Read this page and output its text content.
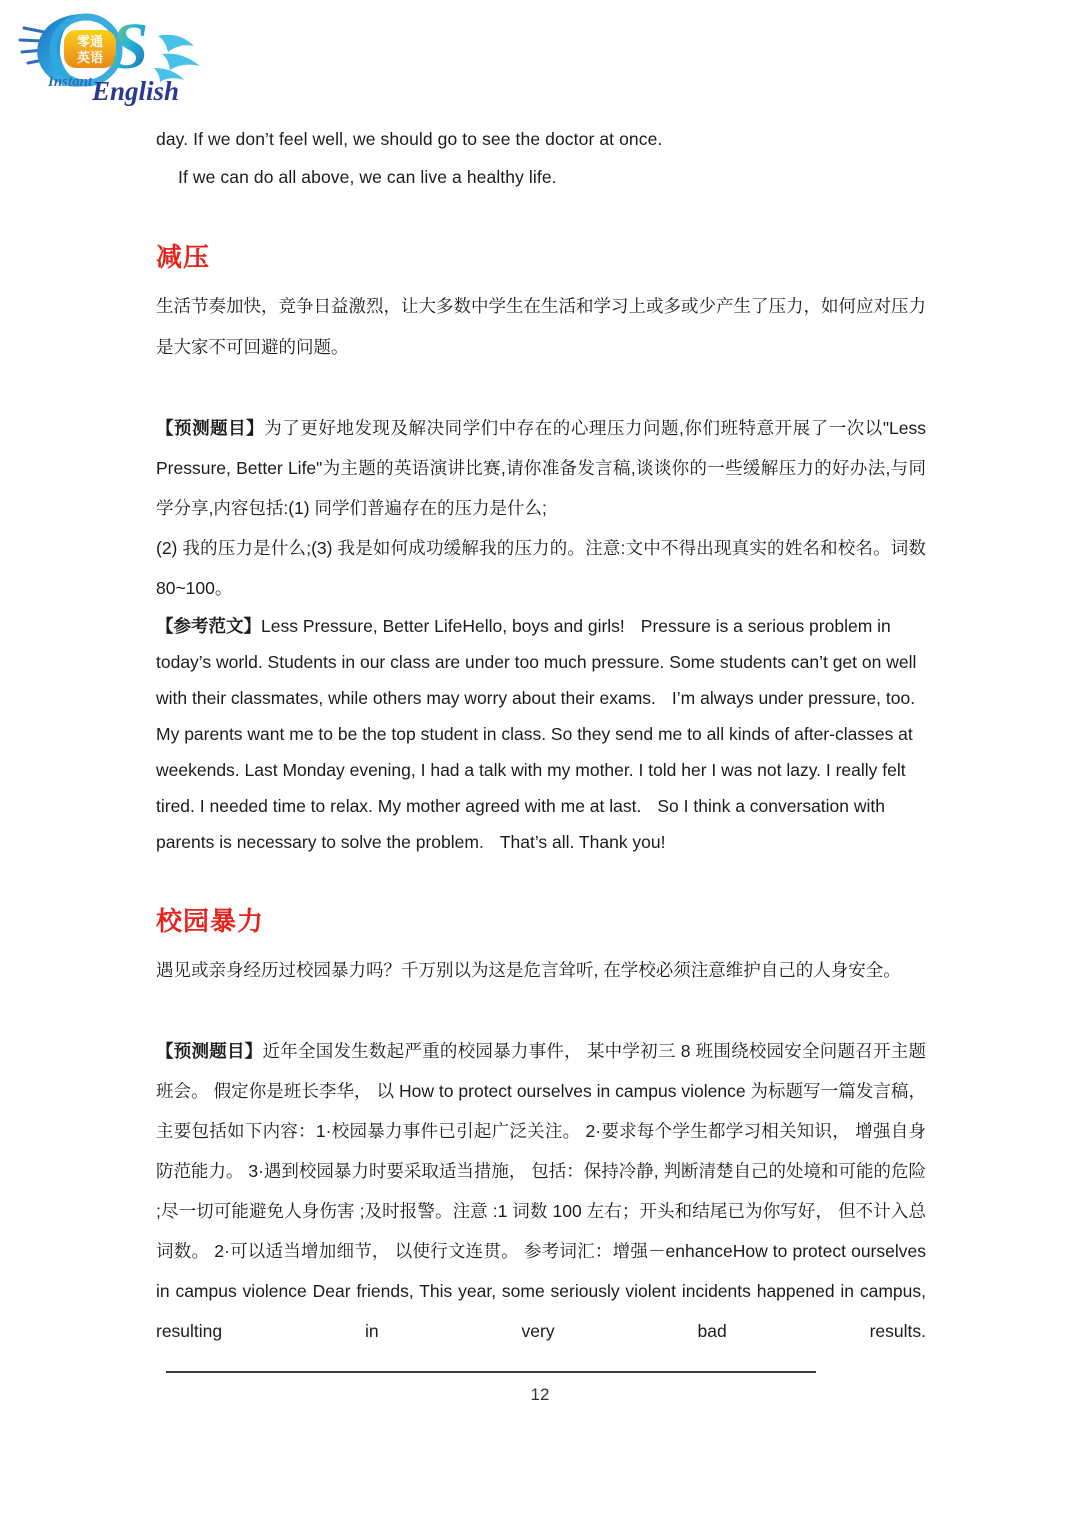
零通
英语 S
Instant English

day. If we don’t feel well, we should go to see the doctor at once.

If we can do all above, we can live a healthy life.

减压

生活节奏加快，竞争日益激烈，让大多数中学生在生活和学习上或多或少产生了压力，如何应对压力是大家不可回避的问题。

【预测题目】为了更好地发现及解决同学们中存在的心理压力问题,你们班特意开展了一次以"Less Pressure, Better Life"为主题的英语演讲比赛,请你准备发言稿,谈谈你的一些缓解压力的好办法,与同学分享,内容包括:(1) 同学们普遍存在的压力是什么;

(2) 我的压力是什么;(3) 我是如何成功缓解我的压力的。注意:文中不得出现真实的姓名和校名。词数 80~100。

【参考范文】Less Pressure, Better LifeHello, boys and girls! Pressure is a serious problem in today’s world. Students in our class are under too much pressure. Some students can’t get on well with their classmates, while others may worry about their exams. I’m always under pressure, too. My parents want me to be the top student in class. So they send me to all kinds of after-classes at weekends. Last Monday evening, I had a talk with my mother. I told her I was not lazy. I really felt tired. I needed time to relax. My mother agreed with me at last. So I think a conversation with parents is necessary to solve the problem. That’s all. Thank you!

校园暴力

遇见或亲身经历过校园暴力吗？千万别以为这是危言耸听, 在学校必须注意维护自己的人身安全。

【预测题目】近年全国发生数起严重的校园暴力事件， 某中学初三 8 班围绕校园安全问题召开主题班会。 假定你是班长李华， 以 How to protect ourselves in campus violence 为标题写一篇发言稿， 主要包括如下内容：1·校园暴力事件已引起广泛关注。 2·要求每个学生都学习相关知识， 增强自身防范能力。 3·遇到校园暴力时要采取适当措施， 包括：保持冷静, 判断清楚自己的处境和可能的危险 ;尽一切可能避免人身伤害 ;及时报警。注意 :1 词数 100 左右；开头和结尾已为你写好， 但不计入总词数。 2·可以适当增加细节， 以使行文连贯。 参考词汇：增强－enhanceHow to protect ourselves in campus violence Dear friends, This year, some seriously violent incidents happened in campus, resulting in very bad results.

12
